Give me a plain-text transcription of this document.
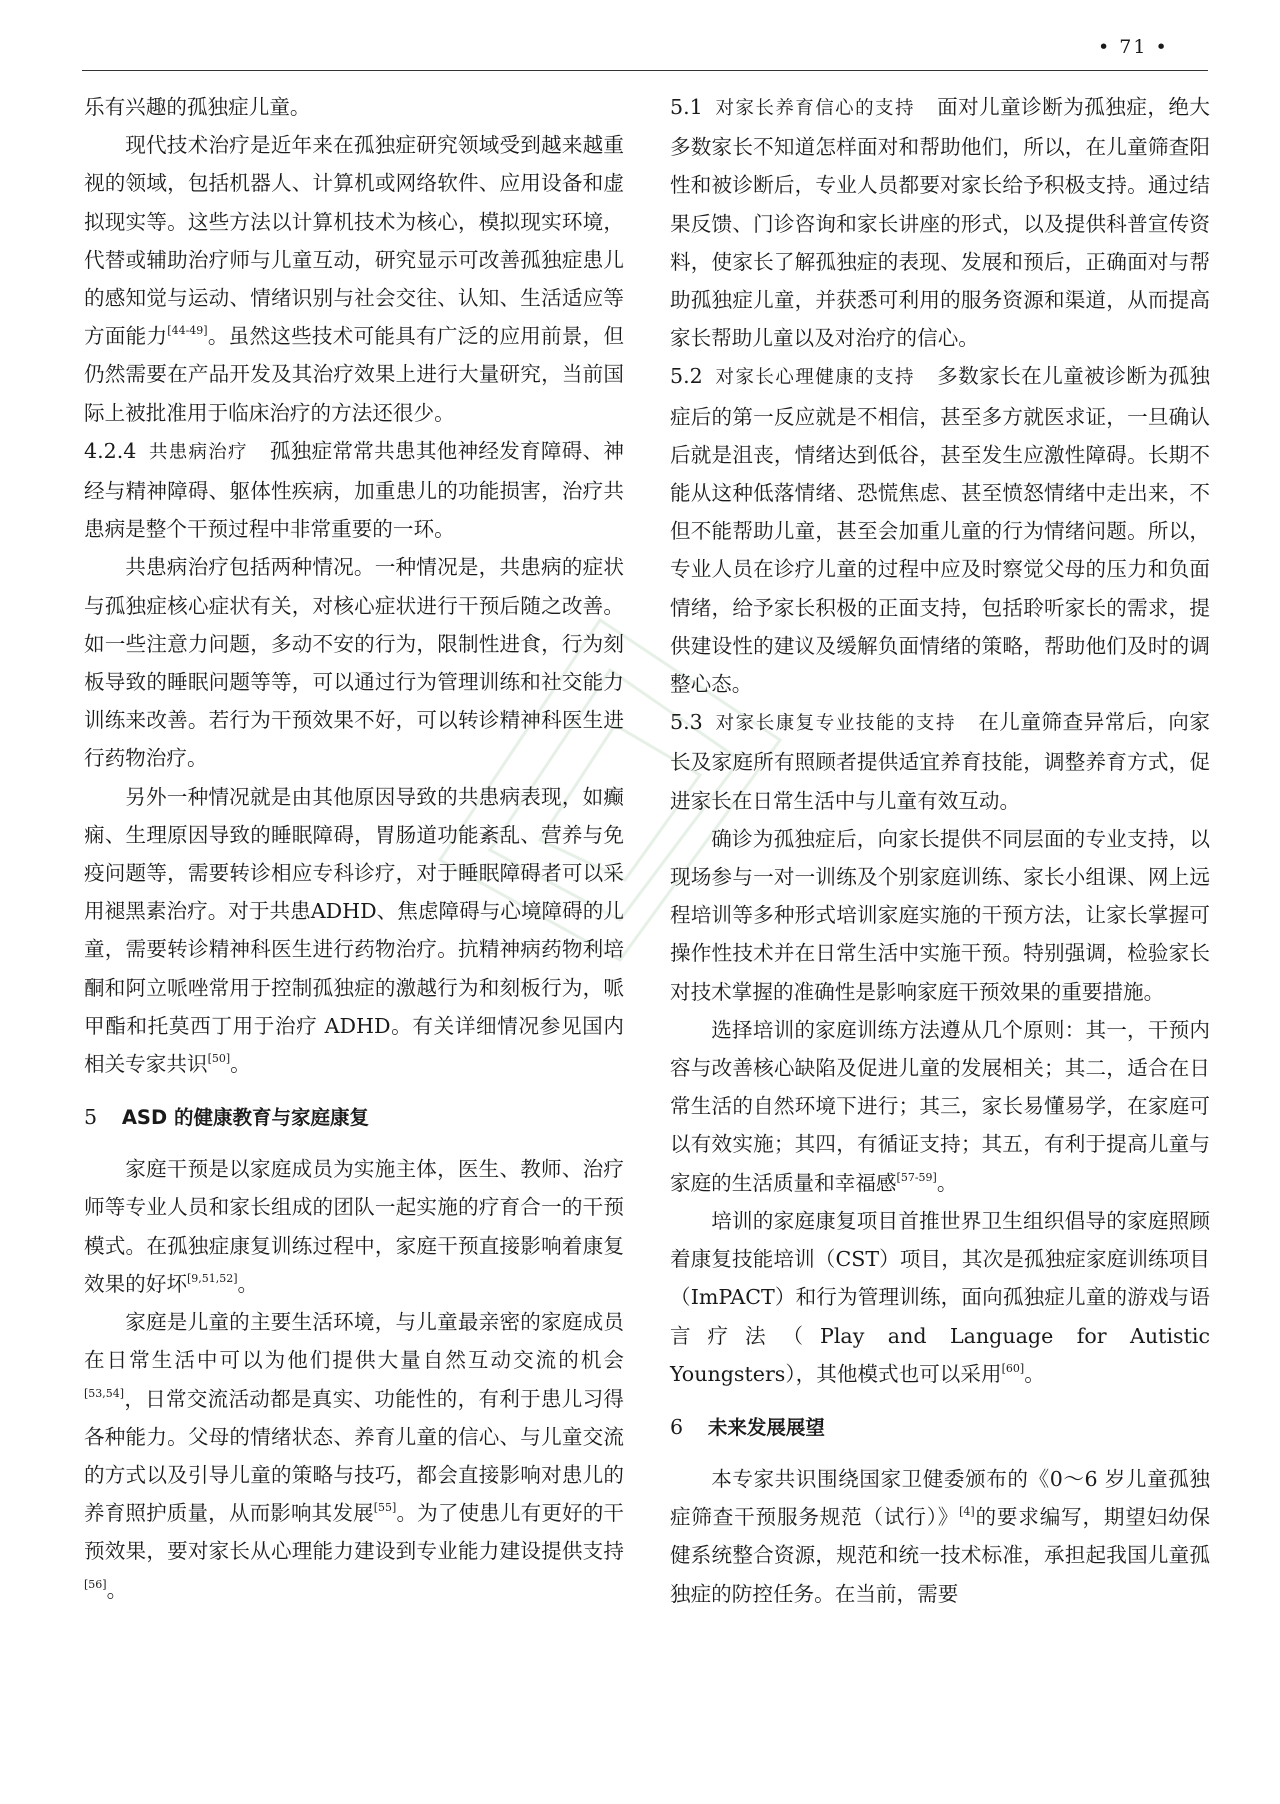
• 71 •

乐有兴趣的孤独症儿童。

现代技术治疗是近年来在孤独症研究领域受到越来越重视的领域，包括机器人、计算机或网络软件、应用设备和虚拟现实等。这些方法以计算机技术为核心，模拟现实环境，代替或辅助治疗师与儿童互动，研究显示可改善孤独症患儿的感知觉与运动、情绪识别与社会交往、认知、生活适应等方面能力[44-49]。虽然这些技术可能具有广泛的应用前景，但仍然需要在产品开发及其治疗效果上进行大量研究，当前国际上被批准用于临床治疗的方法还很少。

4.2.4 共患病治疗 孤独症常常共患其他神经发育障碍、神经与精神障碍、躯体性疾病，加重患儿的功能损害，治疗共患病是整个干预过程中非常重要的一环。

共患病治疗包括两种情况。一种情况是，共患病的症状与孤独症核心症状有关，对核心症状进行干预后随之改善。如一些注意力问题，多动不安的行为，限制性进食，行为刻板导致的睡眠问题等等，可以通过行为管理训练和社交能力训练来改善。若行为干预效果不好，可以转诊精神科医生进行药物治疗。

另外一种情况就是由其他原因导致的共患病表现，如癫痫、生理原因导致的睡眠障碍，胃肠道功能紊乱、营养与免疫问题等，需要转诊相应专科诊疗，对于睡眠障碍者可以采用褪黑素治疗。对于共患ADHD、焦虑障碍与心境障碍的儿童，需要转诊精神科医生进行药物治疗。抗精神病药物利培酮和阿立哌唑常用于控制孤独症的激越行为和刻板行为，哌甲酯和托莫西丁用于治疗 ADHD。有关详细情况参见国内相关专家共识[50]。

5 ASD 的健康教育与家庭康复

家庭干预是以家庭成员为实施主体，医生、教师、治疗师等专业人员和家长组成的团队一起实施的疗育合一的干预模式。在孤独症康复训练过程中，家庭干预直接影响着康复效果的好坏[9,51,52]。

家庭是儿童的主要生活环境，与儿童最亲密的家庭成员在日常生活中可以为他们提供大量自然互动交流的机会[53,54]，日常交流活动都是真实、功能性的，有利于患儿习得各种能力。父母的情绪状态、养育儿童的信心、与儿童交流的方式以及引导儿童的策略与技巧，都会直接影响对患儿的养育照护质量，从而影响其发展[55]。为了使患儿有更好的干预效果，要对家长从心理能力建设到专业能力建设提供支持[56]。

5.1 对家长养育信心的支持 面对儿童诊断为孤独症，绝大多数家长不知道怎样面对和帮助他们，所以，在儿童筛查阳性和被诊断后，专业人员都要对家长给予积极支持。通过结果反馈、门诊咨询和家长讲座的形式，以及提供科普宣传资料，使家长了解孤独症的表现、发展和预后，正确面对与帮助孤独症儿童，并获悉可利用的服务资源和渠道，从而提高家长帮助儿童以及对治疗的信心。

5.2 对家长心理健康的支持 多数家长在儿童被诊断为孤独症后的第一反应就是不相信，甚至多方就医求证，一旦确认后就是沮丧，情绪达到低谷，甚至发生应激性障碍。长期不能从这种低落情绪、恐慌焦虑、甚至愤怒情绪中走出来，不但不能帮助儿童，甚至会加重儿童的行为情绪问题。所以，专业人员在诊疗儿童的过程中应及时察觉父母的压力和负面情绪，给予家长积极的正面支持，包括聆听家长的需求，提供建设性的建议及缓解负面情绪的策略，帮助他们及时的调整心态。

5.3 对家长康复专业技能的支持 在儿童筛查异常后，向家长及家庭所有照顾者提供适宜养育技能，调整养育方式，促进家长在日常生活中与儿童有效互动。

确诊为孤独症后，向家长提供不同层面的专业支持，以现场参与一对一训练及个别家庭训练、家长小组课、网上远程培训等多种形式培训家庭实施的干预方法，让家长掌握可操作性技术并在日常生活中实施干预。特别强调，检验家长对技术掌握的准确性是影响家庭干预效果的重要措施。

选择培训的家庭训练方法遵从几个原则：其一，干预内容与改善核心缺陷及促进儿童的发展相关；其二，适合在日常生活的自然环境下进行；其三，家长易懂易学，在家庭可以有效实施；其四，有循证支持；其五，有利于提高儿童与家庭的生活质量和幸福感[57-59]。

培训的家庭康复项目首推世界卫生组织倡导的家庭照顾着康复技能培训（CST）项目，其次是孤独症家庭训练项目（ImPACT）和行为管理训练，面向孤独症儿童的游戏与语言疗法（Play and Language for Autistic Youngsters），其他模式也可以采用[60]。

6 未来发展展望

本专家共识围绕国家卫健委颁布的《0～6 岁儿童孤独症筛查干预服务规范（试行）》[4]的要求编写，期望妇幼保健系统整合资源，规范和统一技术标准，承担起我国儿童孤独症的防控任务。在当前，需要
